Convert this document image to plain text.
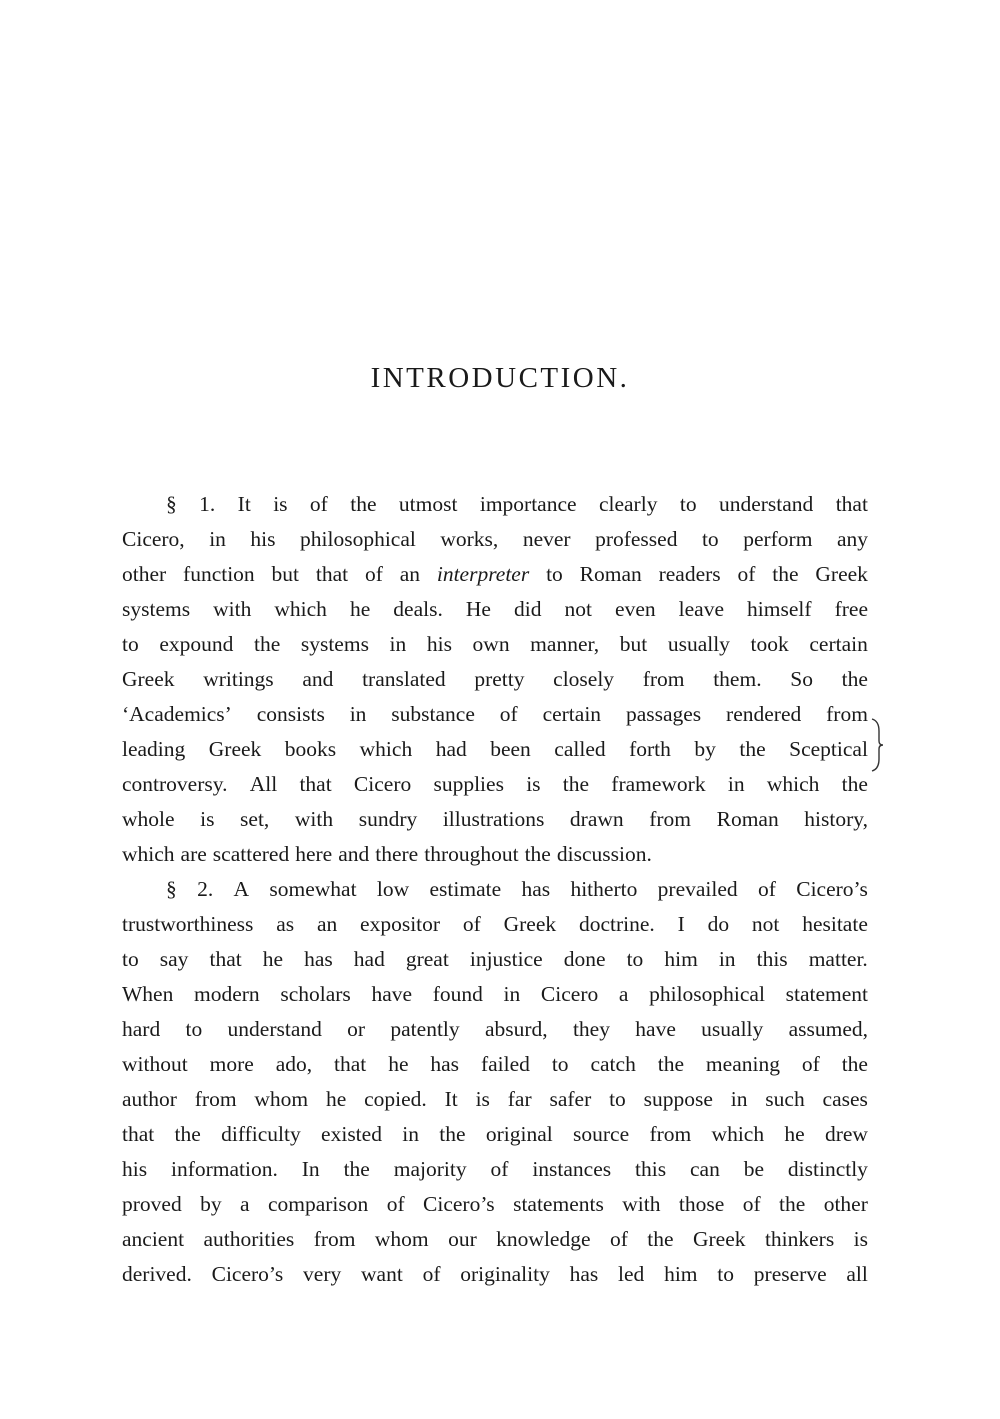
INTRODUCTION.
§ 1. It is of the utmost importance clearly to understand that
Cicero, in his philosophical works, never professed to perform any
other function but that of an interpreter to Roman readers of the Greek
systems with which he deals. He did not even leave himself free
to expound the systems in his own manner, but usually took certain
Greek writings and translated pretty closely from them. So the
‘Academics’ consists in substance of certain passages rendered from
leading Greek books which had been called forth by the Sceptical
controversy. All that Cicero supplies is the framework in which the
whole is set, with sundry illustrations drawn from Roman history,
which are scattered here and there throughout the discussion.
§ 2. A somewhat low estimate has hitherto prevailed of Cicero’s
trustworthiness as an expositor of Greek doctrine. I do not hesitate
to say that he has had great injustice done to him in this matter.
When modern scholars have found in Cicero a philosophical statement
hard to understand or patently absurd, they have usually assumed,
without more ado, that he has failed to catch the meaning of the
author from whom he copied. It is far safer to suppose in such cases
that the difficulty existed in the original source from which he drew
his information. In the majority of instances this can be distinctly
proved by a comparison of Cicero’s statements with those of the other
ancient authorities from whom our knowledge of the Greek thinkers is
derived. Cicero’s very want of originality has led him to preserve all
